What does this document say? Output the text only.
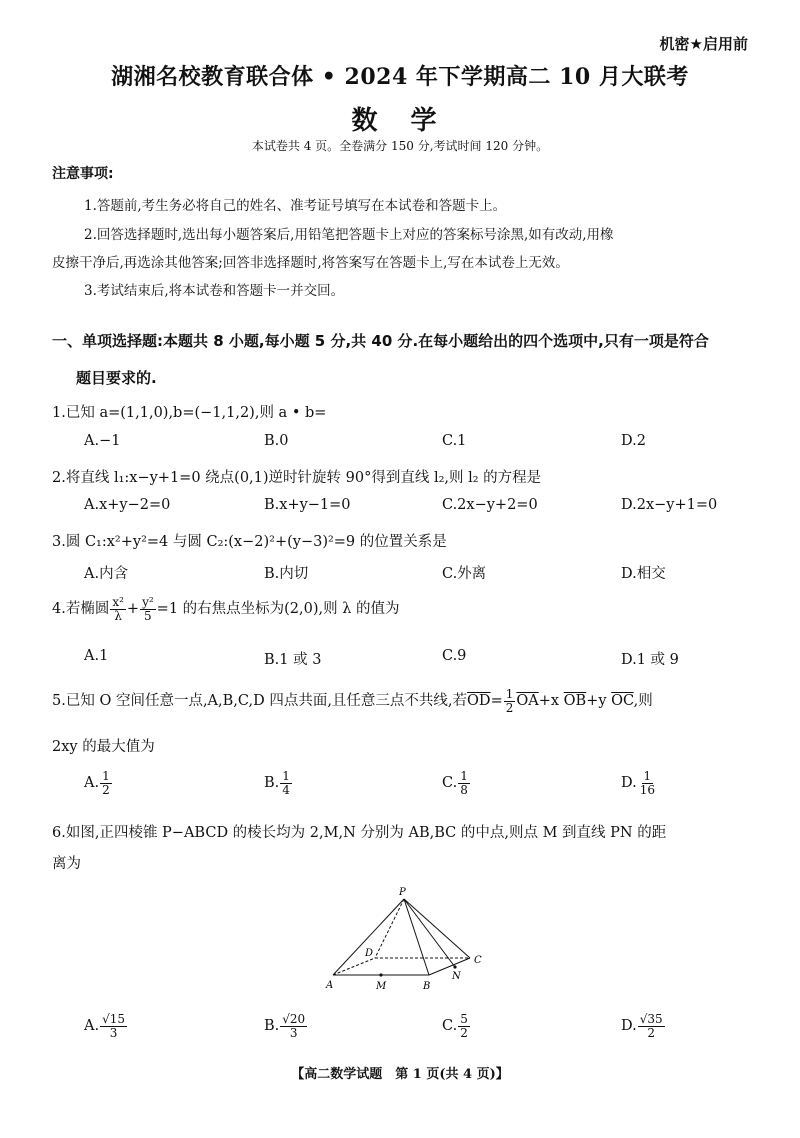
机密★启用前
湖湘名校教育联合体 • 2024 年下学期高二 10 月大联考
数 学
本试卷共 4 页。全卷满分 150 分,考试时间 120 分钟。
注意事项:
1.答题前,考生务必将自己的姓名、准考证号填写在本试卷和答题卡上。
2.回答选择题时,选出每小题答案后,用铅笔把答题卡上对应的答案标号涂黑,如有改动,用橡
皮擦干净后,再选涂其他答案;回答非选择题时,将答案写在答题卡上,写在本试卷上无效。
3.考试结束后,将本试卷和答题卡一并交回。
一、单项选择题:本题共 8 小题,每小题 5 分,共 40 分.在每小题给出的四个选项中,只有一项是符合
题目要求的.
1.已知 a=(1,1,0),b=(−1,1,2),则 a • b=
A.−1	B.0	C.1	D.2
2.将直线 l₁:x−y+1=0 绕点(0,1)逆时针旋转 90°得到直线 l₂,则 l₂ 的方程是
A.x+y−2=0	B.x+y−1=0	C.2x−y+2=0	D.2x−y+1=0
3.圆 C₁:x²+y²=4 与圆 C₂:(x−2)²+(y−3)²=9 的位置关系是
A.内含	B.内切	C.外离	D.相交
4.若椭圆 $\frac{\text{x²}}{\lambda} + \frac{\text{y²}}{5} =1$ 的右焦点坐标为(2,0),则 λ 的值为
A.1	B.1 或 3	C.9	D.1 或 9
5.已知 O 空间任意一点,A,B,C,D 四点共面,且任意三点不共线,若$\overline{OD}= \frac{1}{2} \overline{OA}+x$ $\overline{OB}+y$ $\overline{OC}$,则
2xy 的最大值为
A. $\frac{1}{2}$	B. $\frac{1}{4}$	C. $\frac{1}{8}$	D. $\frac{1}{16}$
6.如图,正四棱锥 P−ABCD 的棱长均为 2,M,N 分别为 AB,BC 的中点,则点 M 到直线 PN 的距
离为
P
A	B
C
D
M
N
A. $\frac{√15}{3}$	B. $\frac{√20}{3}$	C. $\frac{5}{2}$	D. $\frac{√35}{2}$
【高二数学试题　第 1 页(共 4 页)】
